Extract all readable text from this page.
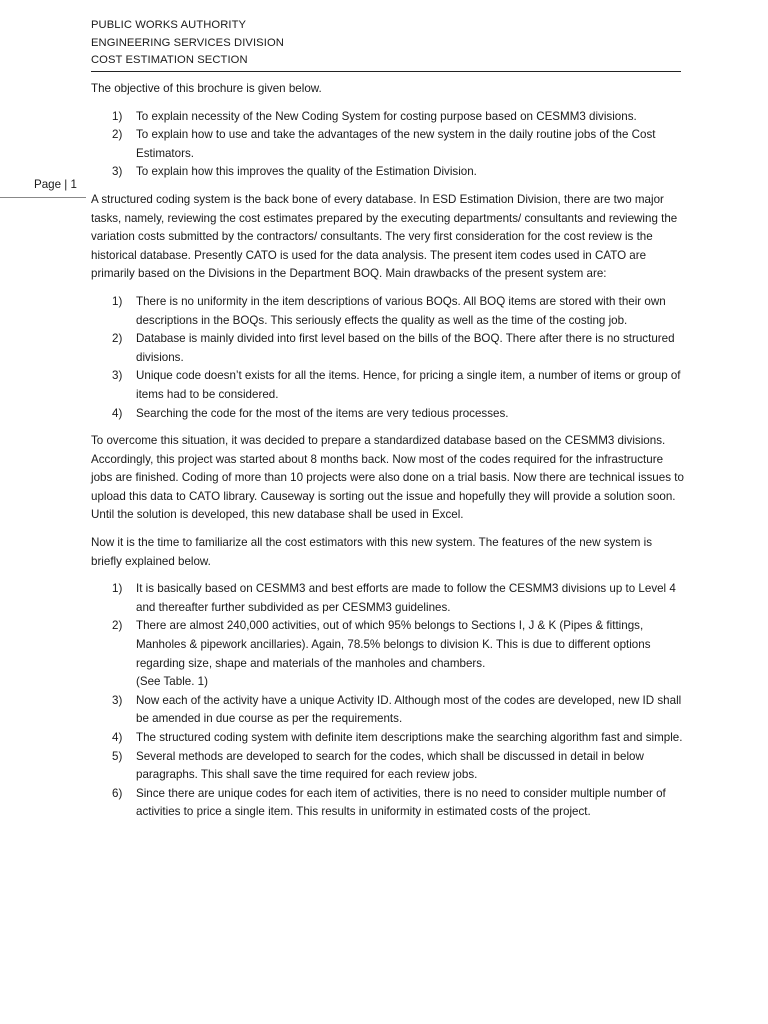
PUBLIC WORKS AUTHORITY
ENGINEERING SERVICES DIVISION
COST ESTIMATION SECTION
Page | 1

The objective of this brochure is given below.

1) To explain necessity of the New Coding System for costing purpose based on CESMM3 divisions.
2) To explain how to use and take the advantages of the new system in the daily routine jobs of the Cost Estimators.
3) To explain how this improves the quality of the Estimation Division.

A structured coding system is the back bone of every database. In ESD Estimation Division, there are two major tasks, namely, reviewing the cost estimates prepared by the executing departments/ consultants and reviewing the variation costs submitted by the contractors/ consultants. The very first consideration for the cost review is the historical database. Presently CATO is used for the data analysis. The present item codes used in CATO are primarily based on the Divisions in the Department BOQ. Main drawbacks of the present system are:

1) There is no uniformity in the item descriptions of various BOQs. All BOQ items are stored with their own descriptions in the BOQs. This seriously effects the quality as well as the time of the costing job.
2) Database is mainly divided into first level based on the bills of the BOQ. There after there is no structured divisions.
3) Unique code doesn’t exists for all the items. Hence, for pricing a single item, a number of items or group of items had to be considered.
4) Searching the code for the most of the items are very tedious processes.

To overcome this situation, it was decided to prepare a standardized database based on the CESMM3 divisions. Accordingly, this project was started about 8 months back. Now most of the codes required for the infrastructure jobs are finished. Coding of more than 10 projects were also done on a trial basis. Now there are technical issues to upload this data to CATO library. Causeway is sorting out the issue and hopefully they will provide a solution soon. Until the solution is developed, this new database shall be used in Excel.

Now it is the time to familiarize all the cost estimators with this new system. The features of the new system is briefly explained below.

1) It is basically based on CESMM3 and best efforts are made to follow the CESMM3 divisions up to Level 4 and thereafter further subdivided as per CESMM3 guidelines.
2) There are almost 240,000 activities, out of which 95% belongs to Sections I, J & K (Pipes & fittings, Manholes & pipework ancillaries). Again, 78.5% belongs to division K. This is due to different options regarding size, shape and materials of the manholes and chambers.
(See Table. 1)
3) Now each of the activity have a unique Activity ID. Although most of the codes are developed, new ID shall be amended in due course as per the requirements.
4) The structured coding system with definite item descriptions make the searching algorithm fast and simple.
5) Several methods are developed to search for the codes, which shall be discussed in detail in below paragraphs. This shall save the time required for each review jobs.
6) Since there are unique codes for each item of activities, there is no need to consider multiple number of activities to price a single item. This results in uniformity in estimated costs of the project.
